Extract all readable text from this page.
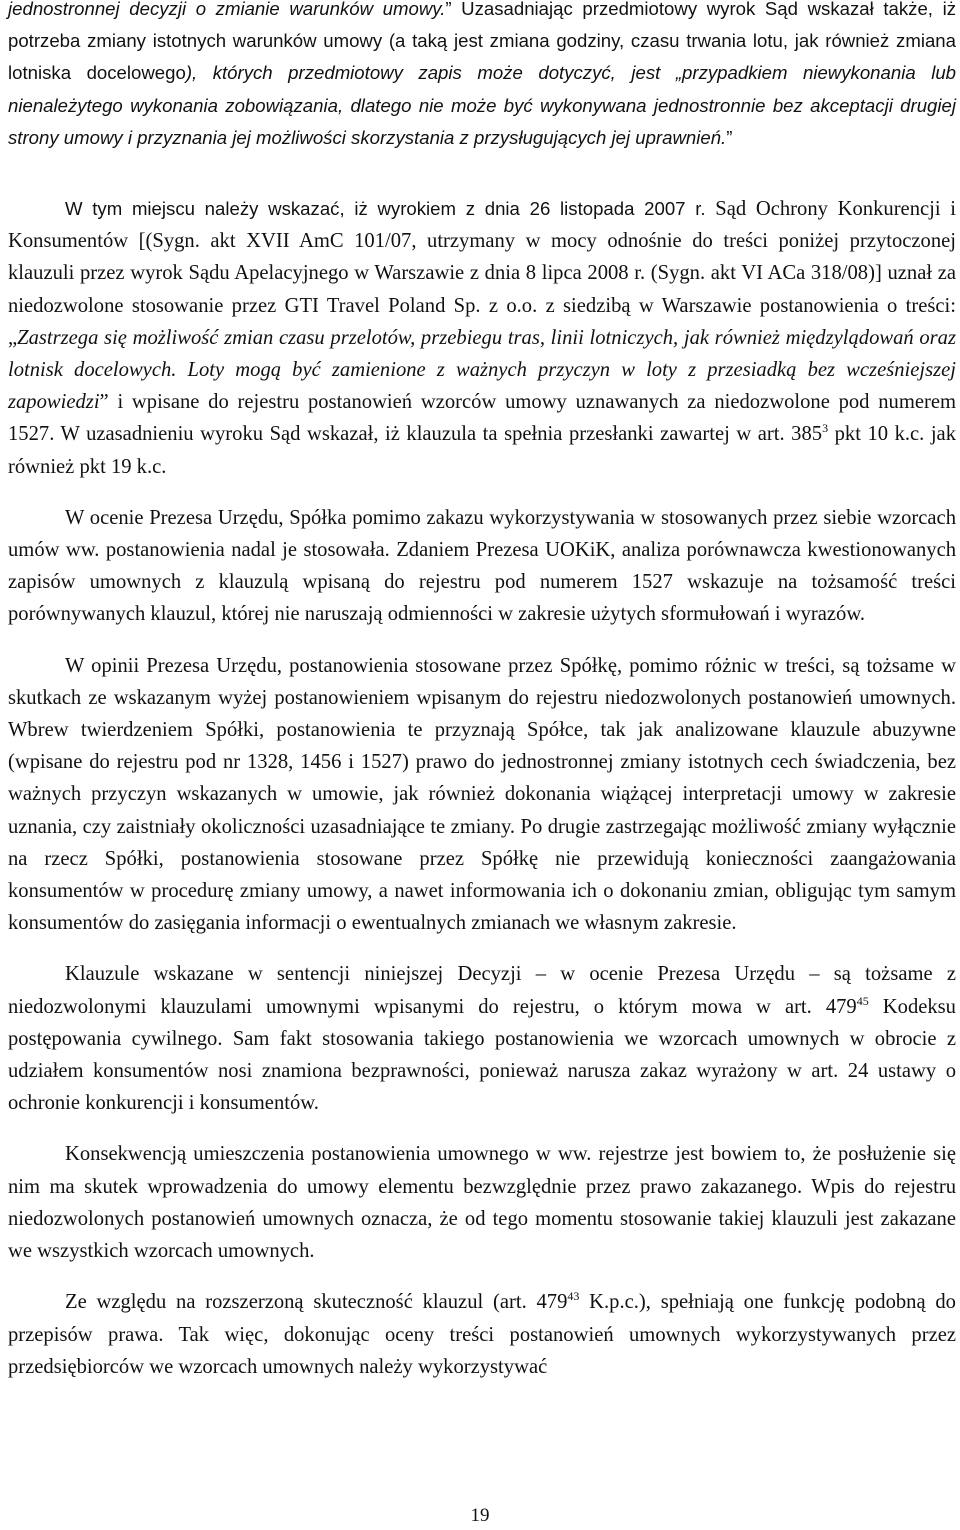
jednostronnej decyzji o zmianie warunków umowy.” Uzasadniając przedmiotowy wyrok Sąd wskazał także, iż potrzeba zmiany istotnych warunków umowy (a taką jest zmiana godziny, czasu trwania lotu, jak również zmiana lotniska docelowego), których przedmiotowy zapis może dotyczyć, jest „przypadkiem niewykonania lub nienależytego wykonania zobowiązania, dlatego nie może być wykonywana jednostronnie bez akceptacji drugiej strony umowy i przyznania jej możliwości skorzystania z przysługujących jej uprawnień.”

W tym miejscu należy wskazać, iż wyrokiem z dnia 26 listopada 2007 r. Sąd Ochrony Konkurencji i Konsumentów [(Sygn. akt XVII AmC 101/07, utrzymany w mocy odnośnie do treści poniżej przytoczonej klauzuli przez wyrok Sądu Apelacyjnego w Warszawie z dnia 8 lipca 2008 r. (Sygn. akt VI ACa 318/08)] uznał za niedozwolone stosowanie przez GTI Travel Poland Sp. z o.o. z siedzibą w Warszawie postanowienia o treści: „Zastrzega się możliwość zmian czasu przelotów, przebiegu tras, linii lotniczych, jak również międzylądowań oraz lotnisk docelowych. Loty mogą być zamienione z ważnych przyczyn w loty z przesiadką bez wcześniejszej zapowiedzi” i wpisane do rejestru postanowień wzorców umowy uznawanych za niedozwolone pod numerem 1527. W uzasadnieniu wyroku Sąd wskazał, iż klauzula ta spełnia przesłanki zawartej w art. $385^3$ pkt 10 k.c. jak również pkt 19 k.c.

W ocenie Prezesa Urzędu, Spółka pomimo zakazu wykorzystywania w stosowanych przez siebie wzorcach umów ww. postanowienia nadal je stosowała. Zdaniem Prezesa UOKiK, analiza porównawcza kwestionowanych zapisów umownych z klauzulą wpisaną do rejestru pod numerem 1527 wskazuje na tożsamość treści porównywanych klauzul, której nie naruszają odmienności w zakresie użytych sformułowań i wyrazów.

W opinii Prezesa Urzędu, postanowienia stosowane przez Spółkę, pomimo różnic w treści, są tożsame w skutkach ze wskazanym wyżej postanowieniem wpisanym do rejestru niedozwolonych postanowień umownych. Wbrew twierdzeniem Spółki, postanowienia te przyznają Spółce, tak jak analizowane klauzule abuzywne (wpisane do rejestru pod nr 1328, 1456 i 1527) prawo do jednostronnej zmiany istotnych cech świadczenia, bez ważnych przyczyn wskazanych w umowie, jak również dokonania wiążącej interpretacji umowy w zakresie uznania, czy zaistniały okoliczności uzasadniające te zmiany. Po drugie zastrzegając możliwość zmiany wyłącznie na rzecz Spółki, postanowienia stosowane przez Spółkę nie przewidują konieczności zaangażowania konsumentów w procedurę zmiany umowy, a nawet informowania ich o dokonaniu zmian, obligując tym samym konsumentów do zasięgania informacji o ewentualnych zmianach we własnym zakresie.

Klauzule wskazane w sentencji niniejszej Decyzji – w ocenie Prezesa Urzędu – są tożsame z niedozwolonymi klauzulami umownymi wpisanymi do rejestru, o którym mowa w art. $479^{45}$ Kodeksu postępowania cywilnego. Sam fakt stosowania takiego postanowienia we wzorcach umownych w obrocie z udziałem konsumentów nosi znamiona bezprawności, ponieważ narusza zakaz wyrażony w art. 24 ustawy o ochronie konkurencji i konsumentów.

Konsekwencją umieszczenia postanowienia umownego w ww. rejestrze jest bowiem to, że posłużenie się nim ma skutek wprowadzenia do umowy elementu bezwzględnie przez prawo zakazanego. Wpis do rejestru niedozwolonych postanowień umownych oznacza, że od tego momentu stosowanie takiej klauzuli jest zakazane we wszystkich wzorcach umownych.

Ze względu na rozszerzoną skuteczność klauzul (art. $479^{43}$ K.p.c.), spełniają one funkcję podobną do przepisów prawa. Tak więc, dokonując oceny treści postanowień umownych wykorzystywanych przez przedsiębiorców we wzorcach umownych należy wykorzystywać

19
